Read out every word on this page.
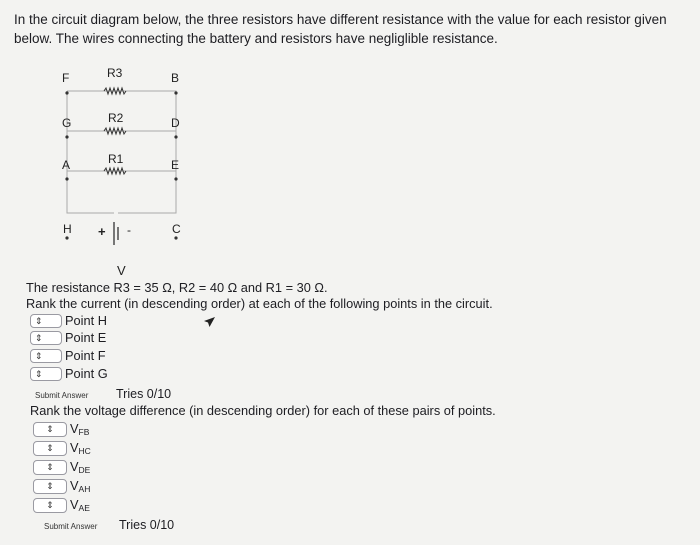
In the circuit diagram below, the three resistors have different resistance with the value for each resistor given below. The wires connecting the battery and resistors have negliglible resistance.

F	B
G	D
A	E
H	C
R3
R2
R1
+ -
V
The resistance R3 = 35 Ω, R2 = 40 Ω and R1 = 30 Ω.
Rank the current (in descending order) at each of the following points in the circuit.
⇕ Point H
⇕ Point E
⇕ Point F
⇕ Point G
Submit Answer Tries 0/10
Rank the voltage difference (in descending order) for each of these pairs of points.
⇕ $V_{FB}$
⇕ $V_{HC}$
⇕ $V_{DE}$
⇕ $V_{AH}$
⇕ $V_{AE}$
Submit Answer Tries 0/10
